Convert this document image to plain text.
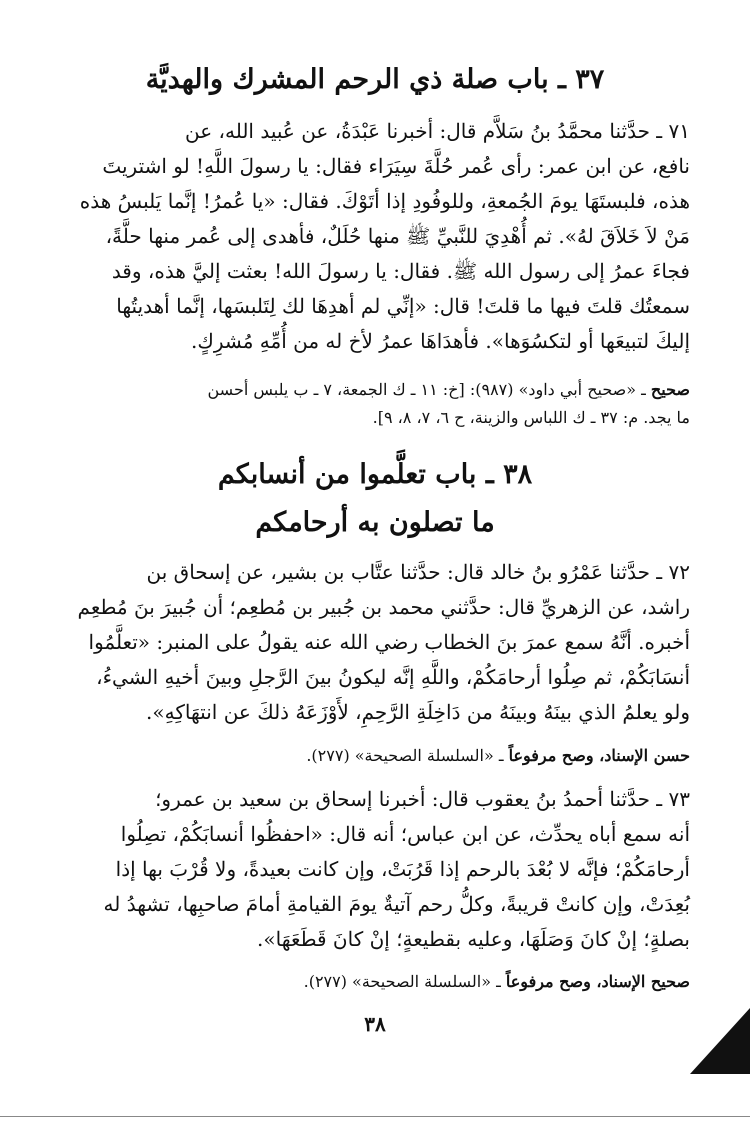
٣٧ ـ باب صلة ذي الرحم المشرك والهديَّة
٧١ ـ حدَّثنا محمَّدُ بنُ سَلاَّم قال: أخبرنا عَبْدَةُ، عن عُبيد الله، عن
نافع، عن ابن عمر: رأى عُمر حُلَّةَ سِيَرَاء فقال: يا رسولَ اللَّهِ! لو اشتريتَ
هذه، فلبستَهَا يومَ الجُمعةِ، وللوفُودِ إذا أتَوْكَ. فقال: «يا عُمرُ! إنَّما يَلبسُ هذه
مَنْ لاَ خَلاَقَ لهُ». ثم أُهْدِيَ للنَّبيِّ ﷺ منها حُلَلٌ، فأهدى إلى عُمر منها حلَّةً،
فجاءَ عمرُ إلى رسول الله ﷺ. فقال: يا رسولَ الله! بعثت إليَّ هذه، وقد
سمعتُك قلتَ فيها ما قلتَ! قال: «إنِّي لم أهدِهَا لك لِتَلبسَها، إنَّما أهديتُها
إليكَ لتبيعَها أو لتكسُوَها». فأهدَاهَا عمرُ لأخ له من أُمِّهِ مُشرِكٍ.
صحيح ـ «صحيح أبي داود» (٩٨٧): [خ: ١١ ـ ك الجمعة، ٧ ـ ب يلبس أحسن
ما يجد. م: ٣٧ ـ ك اللباس والزينة، ح ٦، ٧، ٨، ٩].
٣٨ ـ باب تعلَّموا من أنسابكم
ما تصلون به أرحامكم
٧٢ ـ حدَّثنا عَمْرُو بنُ خالد قال: حدَّثنا عتَّاب بن بشير، عن إسحاق بن
راشد، عن الزهريِّ قال: حدَّثني محمد بن جُبير بن مُطعِم؛ أن جُبيرَ بنَ مُطعِم
أخبره. أنَّهُ سمع عمرَ بنَ الخطاب رضي الله عنه يقولُ على المنبر: «تعلَّمُوا
أنسَابَكُمْ، ثم صِلُوا أرحامَكُمْ، واللَّهِ إنَّه ليكونُ بينَ الرَّجلِ وبينَ أخيهِ الشيءُ،
ولو يعلمُ الذي بينَهُ وبينَهُ من دَاخِلَةِ الرَّحِمِ، لأَوْزَعَهُ ذلكَ عن انتهَاكِهِ».
حسن الإسناد، وصح مرفوعاً ـ «السلسلة الصحيحة» (٢٧٧).
٧٣ ـ حدَّثنا أحمدُ بنُ يعقوب قال: أخبرنا إسحاق بن سعيد بن عمرو؛
أنه سمع أباه يحدِّث، عن ابن عباس؛ أنه قال: «احفظُوا أنسابَكُمْ، تصِلُوا
أرحامَكُمْ؛ فإنَّه لا بُعْدَ بالرحم إذا قَرُبَتْ، وإن كانت بعيدةً، ولا قُرْبَ بها إذا
بُعِدَتْ، وإن كانتْ قريبةً، وكلُّ رحم آتيةٌ يومَ القيامةِ أمامَ صاحبِها، تشهدُ له
بصلةٍ؛ إنْ كانَ وَصَلَهَا، وعليه بقطيعةٍ؛ إنْ كانَ قَطَعَهَا».
صحيح الإسناد، وصح مرفوعاً ـ «السلسلة الصحيحة» (٢٧٧).
٣٨
